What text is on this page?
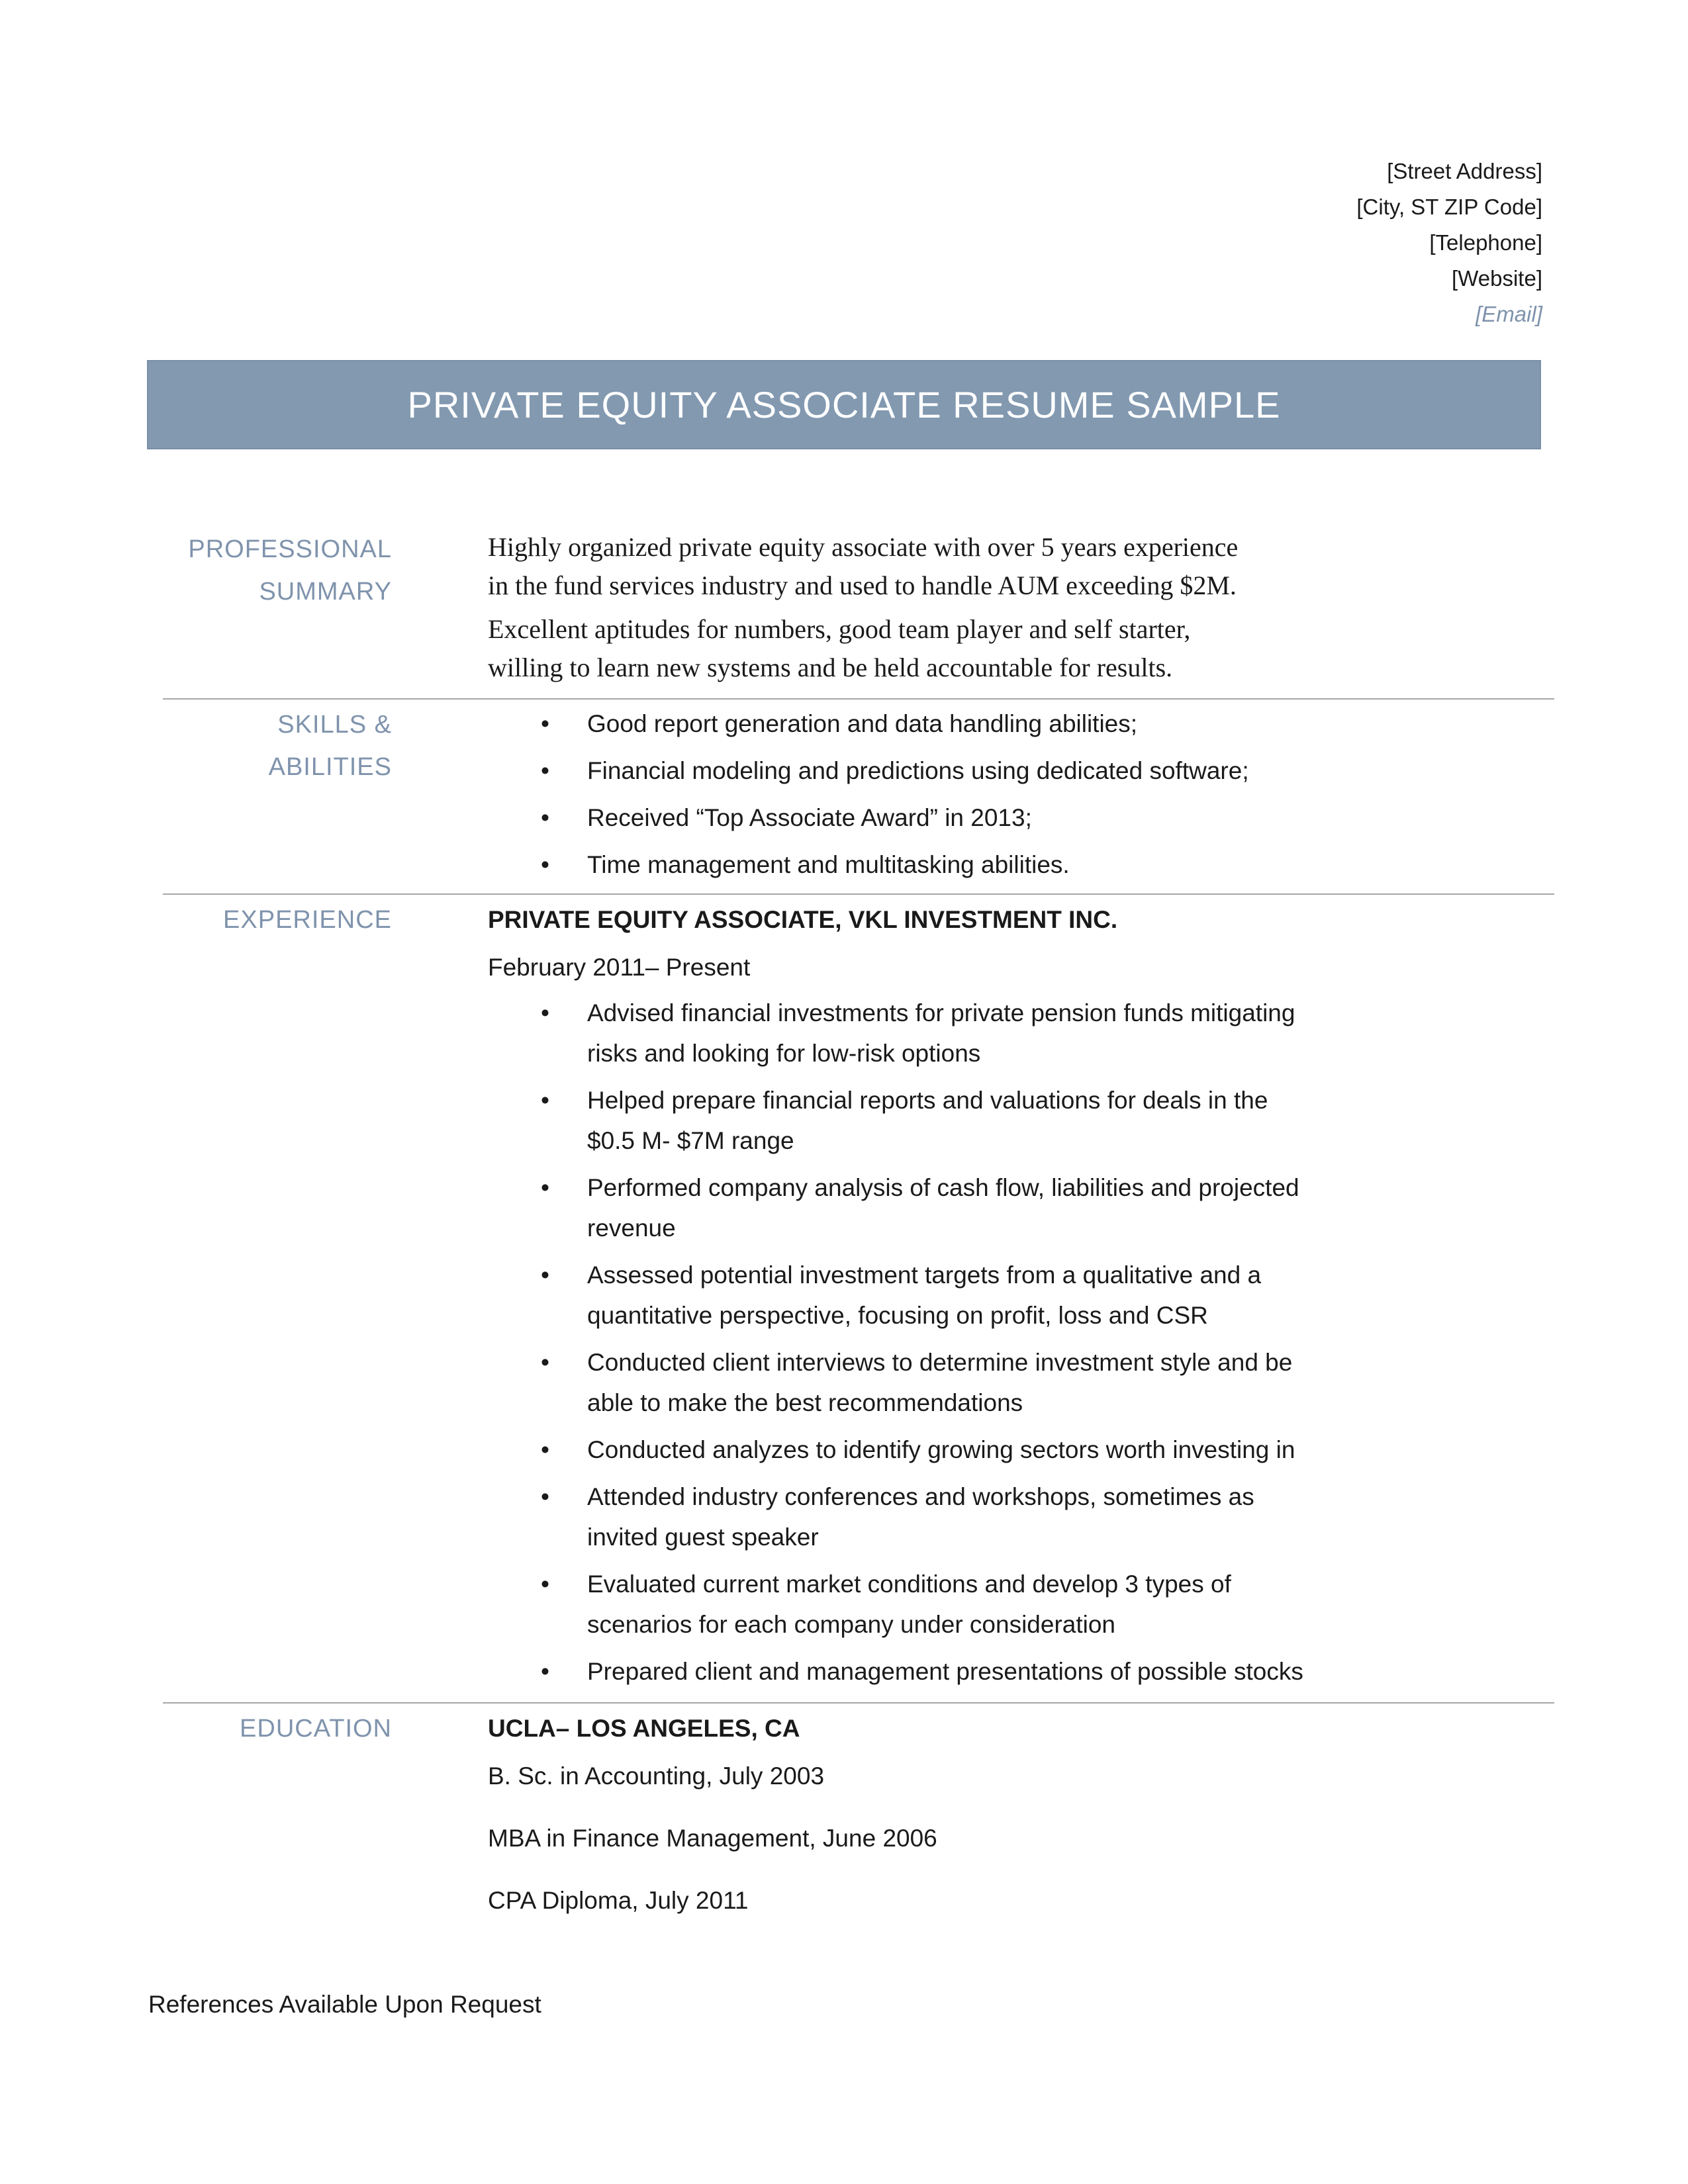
[Street Address]
[City, ST ZIP Code]
[Telephone]
[Website]
[Email]
PRIVATE EQUITY ASSOCIATE RESUME SAMPLE
PROFESSIONAL
SUMMARY

Highly organized private equity associate with over 5 years experience
in the fund services industry and used to handle AUM exceeding $2M.

Excellent aptitudes for numbers, good team player and self starter,
willing to learn new systems and be held accountable for results.

SKILLS & ABILITIES
• Good report generation and data handling abilities;
• Financial modeling and predictions using dedicated software;
• Received “Top Associate Award” in 2013;
• Time management and multitasking abilities.
EXPERIENCE	PRIVATE EQUITY ASSOCIATE, VKL INVESTMENT INC.
February 2011– Present
• Advised financial investments for private pension funds mitigating
risks and looking for low-risk options
• Helped prepare financial reports and valuations for deals in the
$0.5 M- $7M range
• Performed company analysis of cash flow, liabilities and projected
revenue
• Assessed potential investment targets from a qualitative and a
quantitative perspective, focusing on profit, loss and CSR
• Conducted client interviews to determine investment style and be
able to make the best recommendations
• Conducted analyzes to identify growing sectors worth investing in
• Attended industry conferences and workshops, sometimes as
invited guest speaker
• Evaluated current market conditions and develop 3 types of
scenarios for each company under consideration
• Prepared client and management presentations of possible stocks
EDUCATION	UCLA– LOS ANGELES, CA
B. Sc. in Accounting, July 2003
MBA in Finance Management, June 2006
CPA Diploma, July 2011
References Available Upon Request
